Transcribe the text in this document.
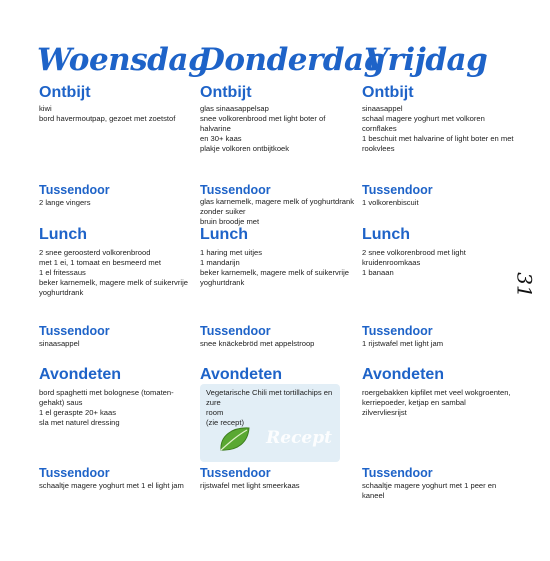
Woensdag
Ontbijt
kiwi
bord havermoutpap, gezoet met zoetstof
Tussendoor
2 lange vingers
Lunch
2 snee geroosterd volkorenbrood
met 1 ei, 1 tomaat en besmeerd met
1 el fritessaus
beker karnemelk, magere melk of suikervrije
yoghurtdrank
Tussendoor
sinaasappel
Avondeten
bord spaghetti met bolognese (tomaten-
gehakt) saus
1 el geraspte 20+ kaas
sla met naturel dressing
Tussendoor
schaaltje magere yoghurt met 1 el light jam
Donderdag
Ontbijt
glas sinaasappelsap
snee volkorenbrood met light boter of halvarine
en 30+ kaas
plakje volkoren ontbijtkoek
Tussendoor
glas karnemelk, magere melk of yoghurtdrank
zonder suiker
bruin broodje met
Lunch
1 haring met uitjes
1 mandarijn
beker karnemelk, magere melk of suikervrije
yoghurtdrank
Tussendoor
snee knäckebröd met appelstroop
Avondeten
Tussendoor
rijstwafel met light smeerkaas
Vegetarische Chili met tortillachips en zure
room
(zie recept)
Recept
Vrijdag
Ontbijt
sinaasappel
schaal magere yoghurt met volkoren cornflakes
1 beschuit met halvarine of light boter en met
rookvlees
Tussendoor
1 volkorenbiscuit
Lunch
2 snee volkorenbrood met light
kruidenroomkaas
1 banaan
Tussendoor
1 rijstwafel met light jam
Avondeten
roergebakken kipfilet met veel wokgroenten,
kerriepoeder, ketjap en sambal
zilvervliesrijst
Tussendoor
schaaltje magere yoghurt met 1 peer en kaneel
31
